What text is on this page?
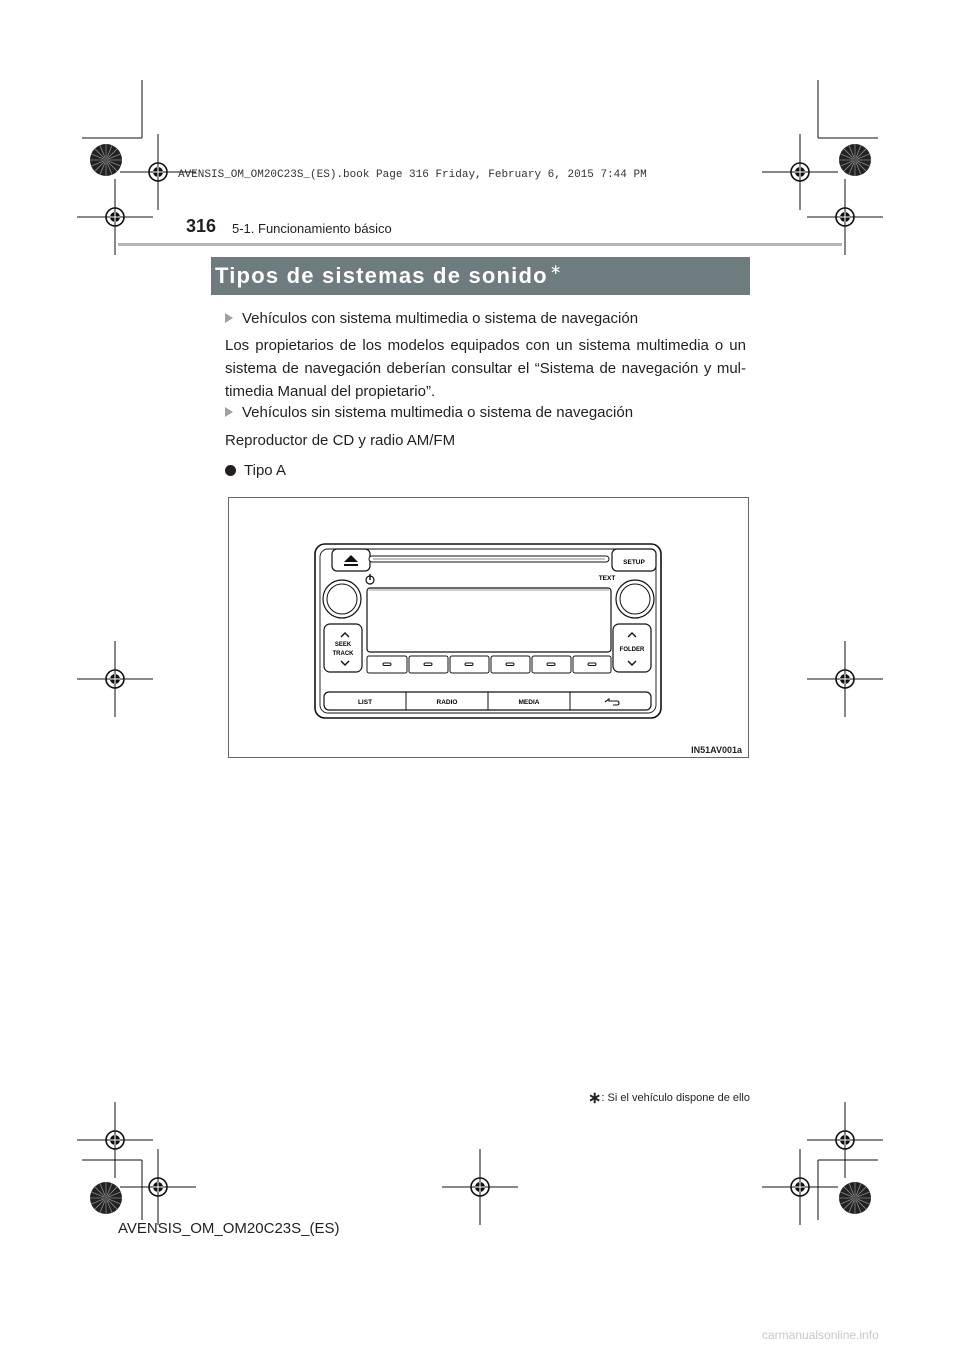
AVENSIS_OM_OM20C23S_(ES).book Page 316 Friday, February 6, 2015 7:44 PM
316 5-1. Funcionamiento básico
Tipos de sistemas de sonido ∗
Vehículos con sistema multimedia o sistema de navegación
Los propietarios de los modelos equipados con un sistema multimedia o un sistema de navegación deberían consultar el “Sistema de navegación y mul-timedia Manual del propietario”.
Vehículos sin sistema multimedia o sistema de navegación
Reproductor de CD y radio AM/FM
Tipo A
SETUP
TEXT
SEEK
TRACK
FOLDER
LIST	RADIO	MEDIA
IN51AV001a
∗: Si el vehículo dispone de ello
AVENSIS_OM_OM20C23S_(ES)
carmanualsonline.info
